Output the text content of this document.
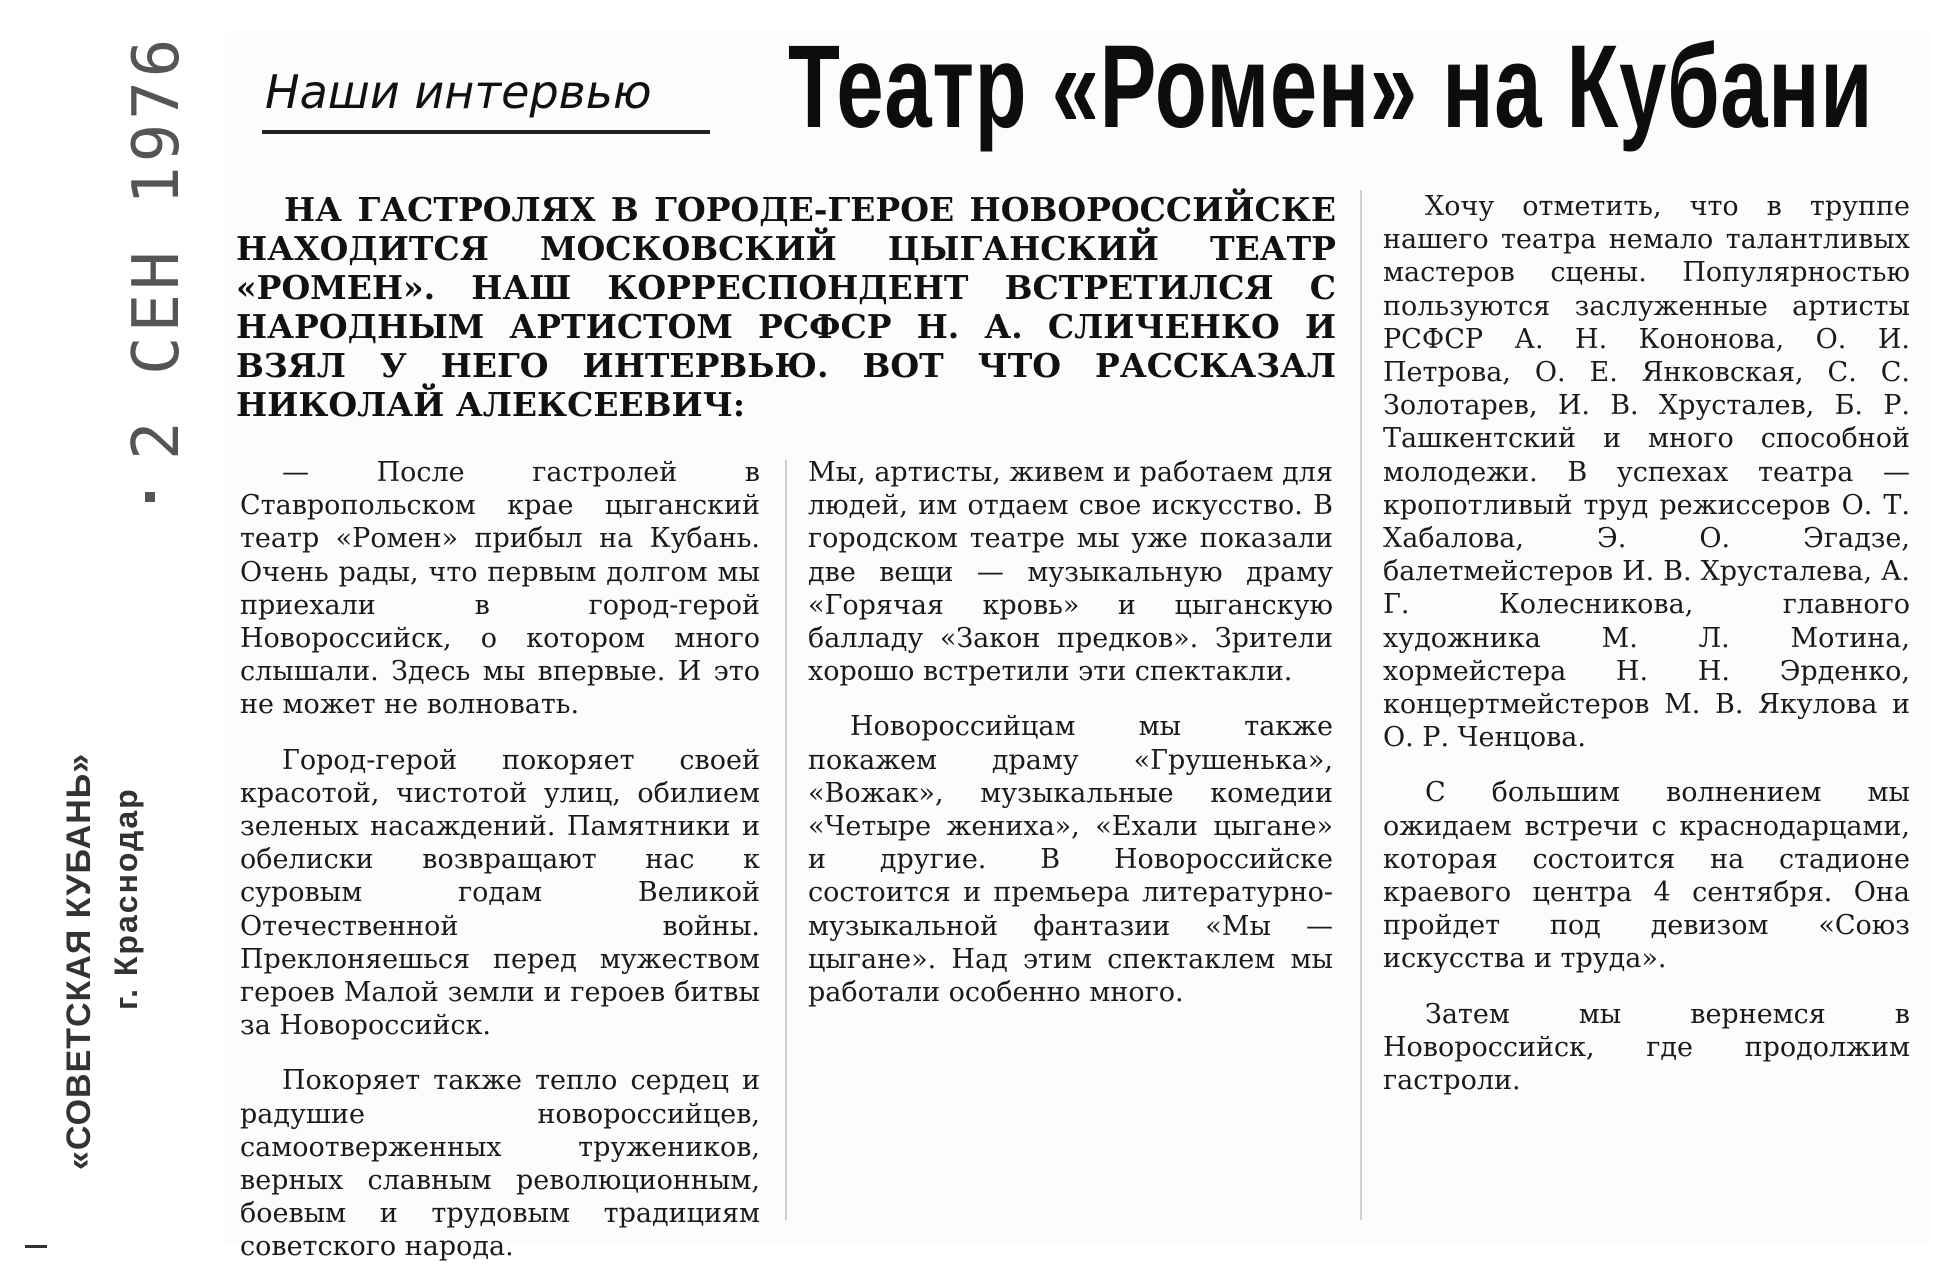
2 СЕН 1976
«СОВЕТСКАЯ КУБАНЬ» г. Краснодар
Наши интервью Театр «Ромен» на Кубани
НА ГАСТРОЛЯХ В ГОРОДЕ-ГЕРОЕ НОВОРОССИЙСКЕ НАХОДИТСЯ МОСКОВСКИЙ ЦЫГАНСКИЙ ТЕАТР «РОМЕН». НАШ КОРРЕСПОНДЕНТ ВСТРЕТИЛСЯ С НАРОДНЫМ АРТИСТОМ РСФСР Н. А. СЛИЧЕНКО И ВЗЯЛ У НЕГО ИНТЕРВЬЮ. ВОТ ЧТО РАССКАЗАЛ НИКОЛАЙ АЛЕКСЕЕВИЧ:

— После гастролей в Ставропольском крае цыганский театр «Ромен» прибыл на Кубань. Очень рады, что первым долгом мы приехали в город-герой Новороссийск, о котором много слышали. Здесь мы впервые. И это не может не волновать.

Город-герой покоряет своей красотой, чистотой улиц, обилием зеленых насаждений. Памятники и обелиски возвращают нас к суровым годам Великой Отечественной войны. Преклоняешься перед мужеством героев Малой земли и героев битвы за Новороссийск.

Покоряет также тепло сердец и радушие новороссийцев, самоотверженных тружеников, верных славным революционным, боевым и трудовым традициям советского народа.

Мы, артисты, живем и работаем для людей, им отдаем свое искусство. В городском театре мы уже показали две вещи — музыкальную драму «Горячая кровь» и цыганскую балладу «Закон предков». Зрители хорошо встретили эти спектакли.

Новороссийцам мы также покажем драму «Грушенька», «Вожак», музыкальные комедии «Четыре жениха», «Ехали цыгане» и другие. В Новороссийске состоится и премьера литературно-музыкальной фантазии «Мы — цыгане». Над этим спектаклем мы работали особенно много.

Хочу отметить, что в труппе нашего театра немало талантливых мастеров сцены. Популярностью пользуются заслуженные артисты РСФСР А. Н. Кононова, О. И. Петрова, О. Е. Янковская, С. С. Золотарев, И. В. Хрусталев, Б. Р. Ташкентский и много способной молодежи. В успехах театра — кропотливый труд режиссеров О. Т. Хабалова, Э. О. Эгадзе, балетмейстеров И. В. Хрусталева, А. Г. Колесникова, главного художника М. Л. Мотина, хормейстера Н. Н. Эрденко, концертмейстеров М. В. Якулова и О. Р. Ченцова.

С большим волнением мы ожидаем встречи с краснодарцами, которая состоится на стадионе краевого центра 4 сентября. Она пройдет под девизом «Союз искусства и труда».

Затем мы вернемся в Новороссийск, где продолжим гастроли.
